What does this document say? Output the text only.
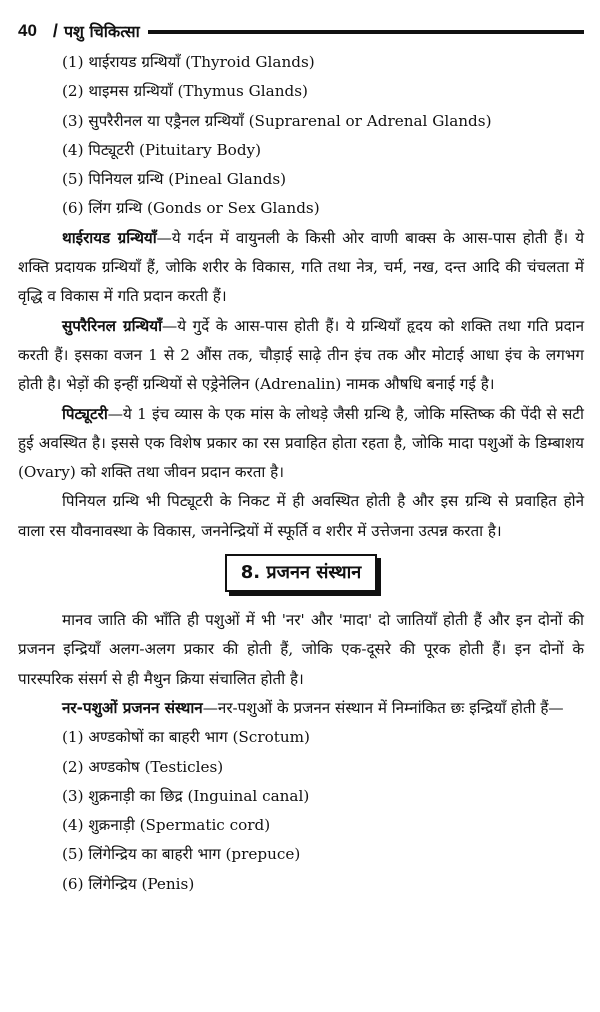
40 / पशु चिकित्सा
(1) थाईरायड ग्रन्थियाँ (Thyroid Glands)
(2) थाइमस ग्रन्थियाँ (Thymus Glands)
(3) सुपरैरीनल या एड्रैनल ग्रन्थियाँ (Suprarenal or Adrenal Glands)
(4) पिट्यूटरी (Pituitary Body)
(5) पिनियल ग्रन्थि (Pineal Glands)
(6) लिंग ग्रन्थि (Gonds or Sex Glands)

थाईरायड ग्रन्थियाँ—ये गर्दन में वायुनली के किसी ओर वाणी बाक्स के आस-पास होती हैं। ये शक्ति प्रदायक ग्रन्थियाँ हैं, जोकि शरीर के विकास, गति तथा नेत्र, चर्म, नख, दन्त आदि की चंचलता में वृद्धि व विकास में गति प्रदान करती हैं।

सुपरैरिनल ग्रन्थियाँ—ये गुर्दे के आस-पास होती हैं। ये ग्रन्थियाँ हृदय को शक्ति तथा गति प्रदान करती हैं। इसका वजन 1 से 2 औंस तक, चौड़ाई साढ़े तीन इंच तक और मोटाई आधा इंच के लगभग होती है। भेड़ों की इन्हीं ग्रन्थियों से एड्रेनेलिन (Adrenalin) नामक औषधि बनाई गई है।

पिट्यूटरी—ये 1 इंच व्यास के एक मांस के लोथड़े जैसी ग्रन्थि है, जोकि मस्तिष्क की पेंदी से सटी हुई अवस्थित है। इससे एक विशेष प्रकार का रस प्रवाहित होता रहता है, जोकि मादा पशुओं के डिम्बाशय (Ovary) को शक्ति तथा जीवन प्रदान करता है।

पिनियल ग्रन्थि भी पिट्यूटरी के निकट में ही अवस्थित होती है और इस ग्रन्थि से प्रवाहित होने वाला रस यौवनावस्था के विकास, जननेन्द्रियों में स्फूर्ति व शरीर में उत्तेजना उत्पन्न करता है।

8. प्रजनन संस्थान

मानव जाति की भाँति ही पशुओं में भी 'नर' और 'मादा' दो जातियाँ होती हैं और इन दोनों की प्रजनन इन्द्रियाँ अलग-अलग प्रकार की होती हैं, जोकि एक-दूसरे की पूरक होती हैं। इन दोनों के पारस्परिक संसर्ग से ही मैथुन क्रिया संचालित होती है।

नर-पशुओं प्रजनन संस्थान—नर-पशुओं के प्रजनन संस्थान में निम्नांकित छः इन्द्रियाँ होती हैं—

(1) अण्डकोषों का बाहरी भाग (Scrotum)
(2) अण्डकोष (Testicles)
(3) शुक्रनाड़ी का छिद्र (Inguinal canal)
(4) शुक्रनाड़ी (Spermatic cord)
(5) लिंगेन्द्रिय का बाहरी भाग (prepuce)
(6) लिंगेन्द्रिय (Penis)
